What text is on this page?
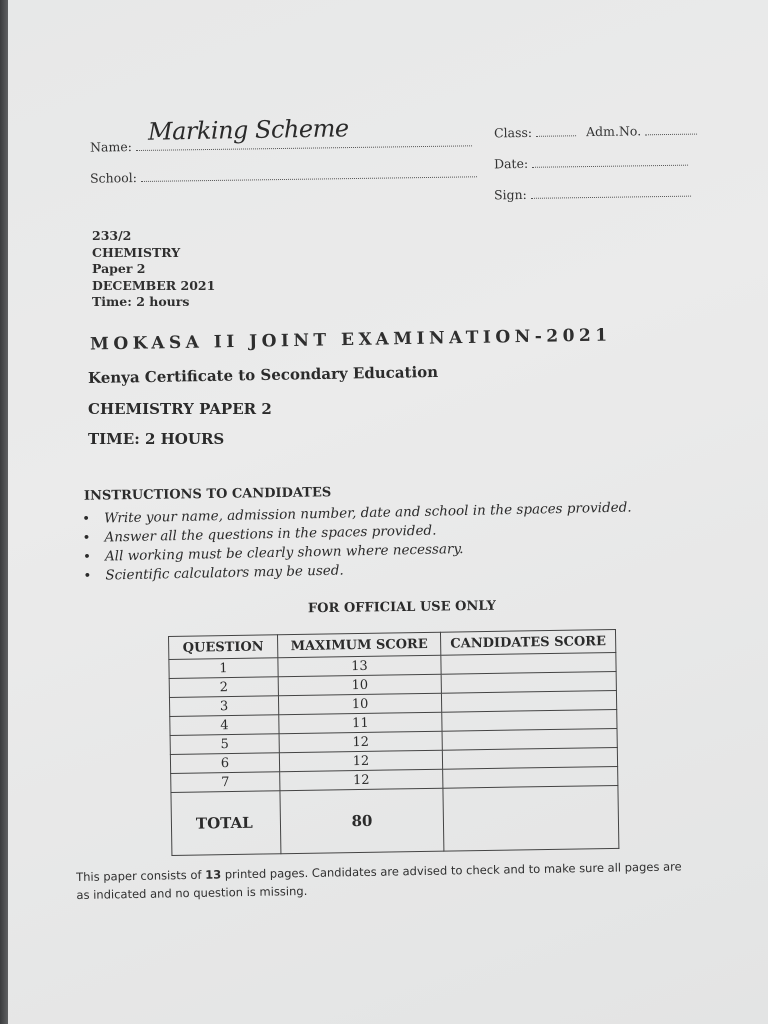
Name:
Marking Scheme
School:
Class:	Adm.No.
Date:
Sign:
233/2
CHEMISTRY
Paper 2
DECEMBER 2021
Time: 2 hours
MOKASA II JOINT EXAMINATION-2021
Kenya Certificate to Secondary Education
CHEMISTRY PAPER 2
TIME: 2 HOURS
INSTRUCTIONS TO CANDIDATES
• Write your name, admission number, date and school in the spaces provided.
• Answer all the questions in the spaces provided.
• All working must be clearly shown where necessary.
• Scientific calculators may be used.
FOR OFFICIAL USE ONLY
QUESTION	MAXIMUM SCORE	CANDIDATES SCORE
1	13	
2	10	
3	10	
4	11	
5	12	
6	12	
7	12	
TOTAL	80	
This paper consists of 13 printed pages. Candidates are advised to check and to make sure all pages are as indicated and no question is missing.
